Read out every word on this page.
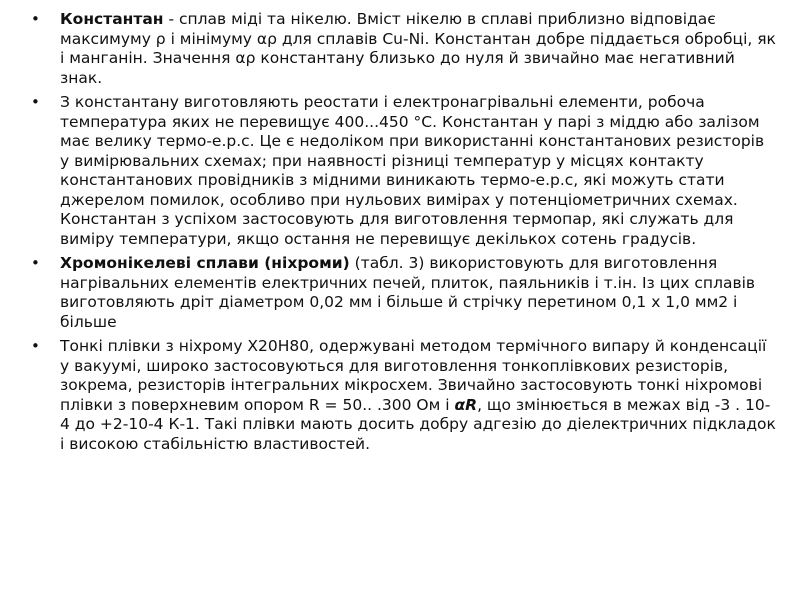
• Константан - сплав міді та нікелю. Вміст нікелю в сплаві приблизно відповідає максимуму ρ і мінімуму αρ для сплавів Cu-Ni. Константан добре піддається обробці, як і манганін. Значення αρ константану близько до нуля й звичайно має негативний знак.
• З константану виготовляють реостати і електронагрівальні елементи, робоча температура яких не перевищує 400...450 °С. Константан у парі з міддю або залізом має велику термо-е.р.с. Це є недоліком при використанні константанових резисторів у вимірювальних схемах; при наявності різниці температур у місцях контакту константанових провідників з мідними виникають термо-е.р.с, які можуть стати джерелом помилок, особливо при нульових вимірах у потенціометричних схемах. Константан з успіхом застосовують для виготовлення термопар, які служать для виміру температури, якщо остання не перевищує декількох сотень градусів.
• Хромонікелеві сплави (ніхроми) (табл. 3) використовують для виготовлення нагрівальних елементів електричних печей, плиток, паяльників і т.ін. Із цих сплавів виготовляють дріт діаметром 0,02 мм і більше й стрічку перетином 0,1 х 1,0 мм2 і більше
• Тонкі плівки з ніхрому Х20Н80, одержувані методом термічного випару й конденсації у вакуумі, широко застосовуються для виготовлення тонкоплівкових резисторів, зокрема, резисторів інтегральних мікросхем. Звичайно застосовують тонкі ніхромові плівки з поверхневим опором R = 50.. .300 Ом і αR, що змінюється в межах від -3 . 10-4 до +2-10-4 К-1. Такі плівки мають досить добру адгезію до діелектричних підкладок і високою стабільністю властивостей.
